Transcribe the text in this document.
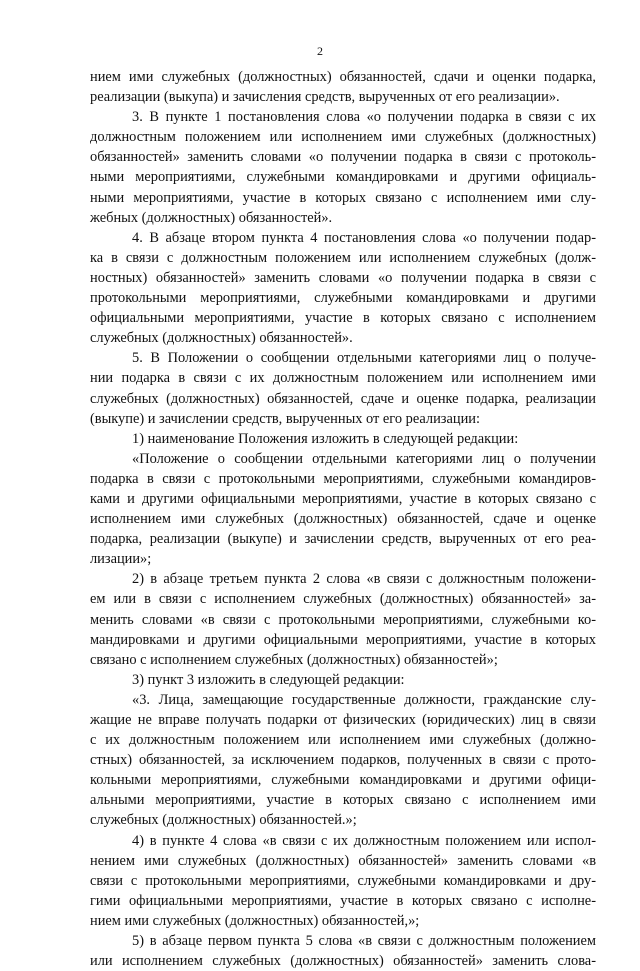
2
нием ими служебных (должностных) обязанностей, сдачи и оценки подарка,
реализации (выкупа) и зачисления средств, вырученных от его реализации».
3. В пункте 1 постановления слова «о получении подарка в связи с их
должностным положением или исполнением ими служебных (должностных)
обязанностей» заменить словами «о получении подарка в связи с протоколь-
ными мероприятиями, служебными командировками и другими официаль-
ными мероприятиями, участие в которых связано с исполнением ими слу-
жебных (должностных) обязанностей».
4. В абзаце втором пункта 4 постановления слова «о получении подар-
ка в связи с должностным положением или исполнением служебных (долж-
ностных) обязанностей» заменить словами «о получении подарка в связи с
протокольными мероприятиями, служебными командировками и другими
официальными мероприятиями, участие в которых связано с исполнением
служебных (должностных) обязанностей».
5. В Положении о сообщении отдельными категориями лиц о получе-
нии подарка в связи с их должностным положением или исполнением ими
служебных (должностных) обязанностей, сдаче и оценке подарка, реализации
(выкупе) и зачислении средств, вырученных от его реализации:
1) наименование Положения изложить в следующей редакции:
«Положение о сообщении отдельными категориями лиц о получении
подарка в связи с протокольными мероприятиями, служебными командиров-
ками и другими официальными мероприятиями, участие в которых связано с
исполнением ими служебных (должностных) обязанностей, сдаче и оценке
подарка, реализации (выкупе) и зачислении средств, вырученных от его реа-
лизации»;
2) в абзаце третьем пункта 2 слова «в связи с должностным положени-
ем или в связи с исполнением служебных (должностных) обязанностей» за-
менить словами «в связи с протокольными мероприятиями, служебными ко-
мандировками и другими официальными мероприятиями, участие в которых
связано с исполнением служебных (должностных) обязанностей»;
3) пункт 3 изложить в следующей редакции:
«3. Лица, замещающие государственные должности, гражданские слу-
жащие не вправе получать подарки от физических (юридических) лиц в связи
с их должностным положением или исполнением ими служебных (должно-
стных) обязанностей, за исключением подарков, полученных в связи с прото-
кольными мероприятиями, служебными командировками и другими офици-
альными мероприятиями, участие в которых связано с исполнением ими
служебных (должностных) обязанностей.»;
4) в пункте 4 слова «в связи с их должностным положением или испол-
нением ими служебных (должностных) обязанностей» заменить словами «в
связи с протокольными мероприятиями, служебными командировками и дру-
гими официальными мероприятиями, участие в которых связано с исполне-
нием ими служебных (должностных) обязанностей,»;
5) в абзаце первом пункта 5 слова «в связи с должностным положением
или исполнением служебных (должностных) обязанностей» заменить слова-
